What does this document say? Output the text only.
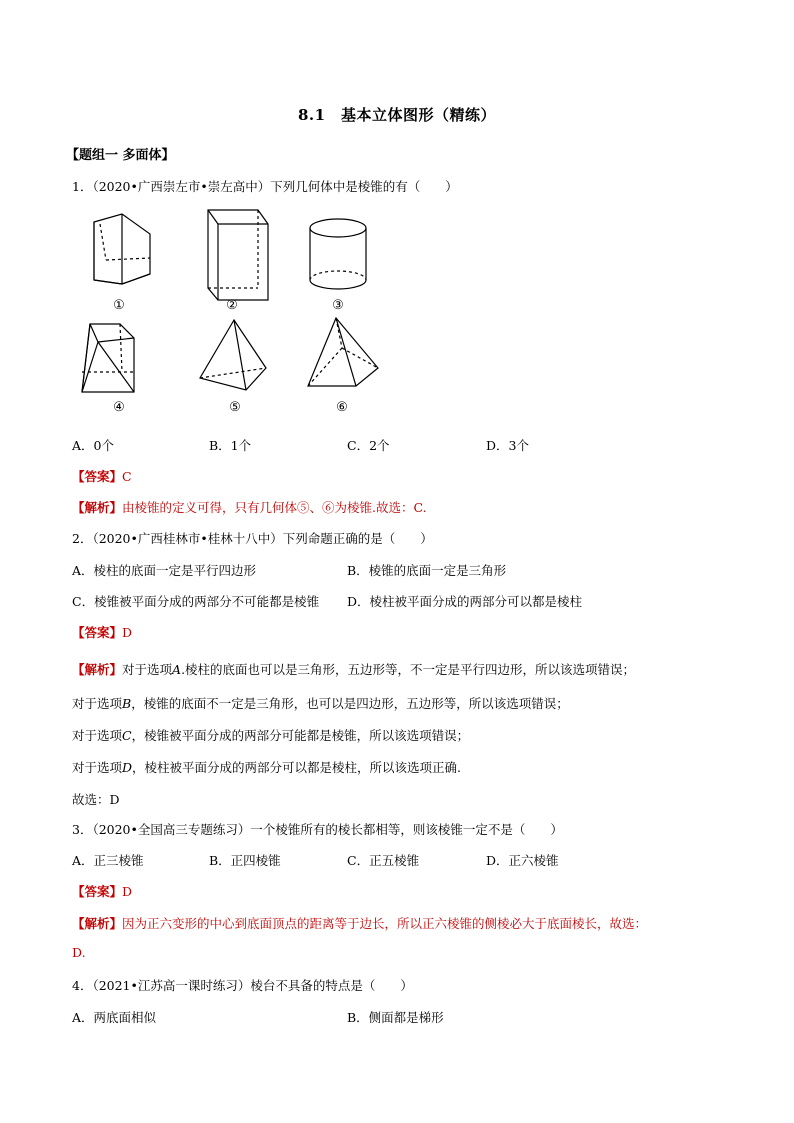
8.1　基本立体图形（精练）
【题组一 多面体】
1．（2020•广西崇左市•崇左高中）下列几何体中是棱锥的有（　　）
①	②	③
④	⑤	⑥
A．0个	B．1个	C．2个	D．3个
【答案】C
【解析】由棱锥的定义可得，只有几何体⑤、⑥为棱锥.故选：C.
2．（2020•广西桂林市•桂林十八中）下列命题正确的是（　　）
A．棱柱的底面一定是平行四边形	B．棱锥的底面一定是三角形
C．棱锥被平面分成的两部分不可能都是棱锥 D．棱柱被平面分成的两部分可以都是棱柱
【答案】D
【解析】对于选项A.棱柱的底面也可以是三角形，五边形等，不一定是平行四边形，所以该选项错误；
对于选项B，棱锥的底面不一定是三角形，也可以是四边形，五边形等，所以该选项错误；
对于选项C，棱锥被平面分成的两部分可能都是棱锥，所以该选项错误；
对于选项D，棱柱被平面分成的两部分可以都是棱柱，所以该选项正确.
故选：D
3．（2020•全国高三专题练习）一个棱锥所有的棱长都相等，则该棱锥一定不是（　　）
A．正三棱锥	B．正四棱锥	C．正五棱锥	D．正六棱锥
【答案】D
【解析】因为正六变形的中心到底面顶点的距离等于边长，所以正六棱锥的侧棱必大于底面棱长，故选：
D.
4．（2021•江苏高一课时练习）棱台不具备的特点是（　　）
A．两底面相似	B．侧面都是梯形
